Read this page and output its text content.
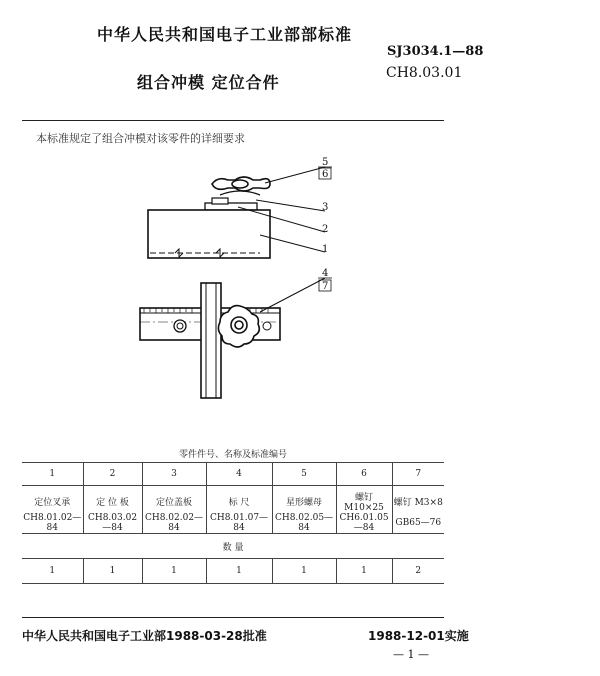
中华人民共和国电子工业部部标准
SJ3034.1—88
组合冲模 定位合件	CH8.03.01
本标准规定了组合冲模对该零件的详细要求
5
6
3
2
1
4
7
零件件号、名称及标准编号						
1	2	3	4	5	6	7
定位叉承	定 位 板	定位盖板	标 尺	星形螺母	螺钉M10×25	螺钉 M3×8
CH8.01.02—84	CH8.03.02—84	CH8.02.02—84	CH8.01.07—84	CH8.02.05—84	CH6.01.05—84	GB65—76
数 量						
1	1	1	1	1	1	2
中华人民共和国电子工业部1988-03-28批准	1988-12-01实施
— 1 —
